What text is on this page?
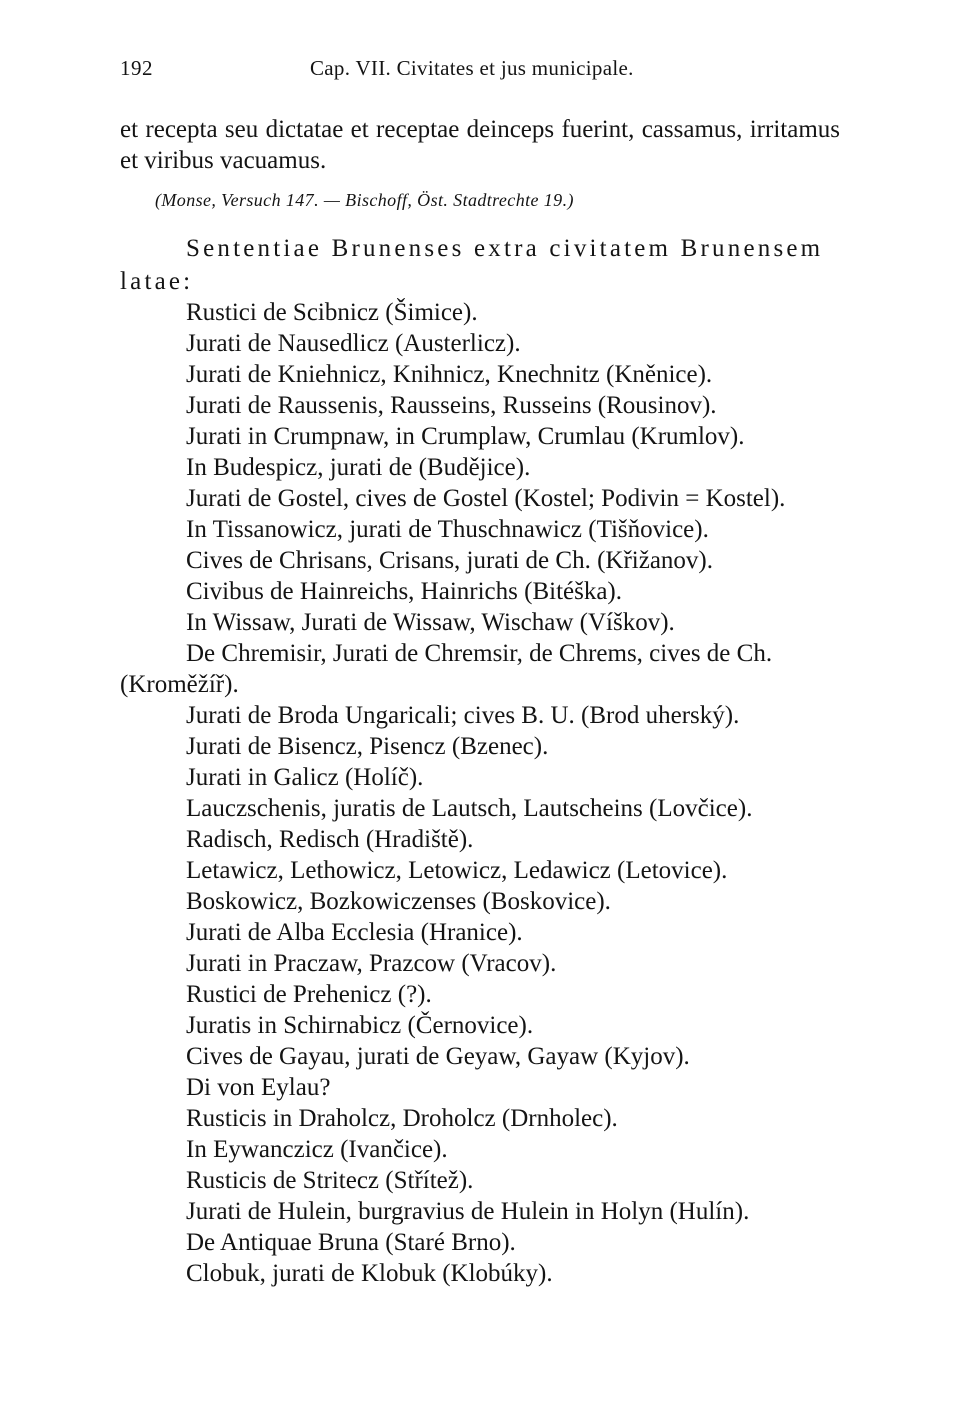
192	Cap. VII. Civitates et jus municipale.

et recepta seu dictatae et receptae deinceps fuerint, cassamus, irritamus et viribus vacuamus.

(Monse, Versuch 147. — Bischoff, Öst. Stadtrechte 19.)
Sententiae Brunenses extra civitatem Brunensem latae:
Rustici de Scibnicz (Šimice).
Jurati de Nausedlicz (Austerlicz).
Jurati de Kniehnicz, Knihnicz, Knechnitz (Kněnice).
Jurati de Raussenis, Rausseins, Russeins (Rousinov).
Jurati in Crumpnaw, in Crumplaw, Crumlau (Krumlov).
In Budespicz, jurati de (Budějice).
Jurati de Gostel, cives de Gostel (Kostel; Podivin = Kostel).
In Tissanowicz, jurati de Thuschnawicz (Tišňovice).
Cives de Chrisans, Crisans, jurati de Ch. (Křižanov).
Civibus de Hainreichs, Hainrichs (Bitéška).
In Wissaw, Jurati de Wissaw, Wischaw (Víškov).
De Chremisir, Jurati de Chremsir, de Chrems, cives de Ch.
(Kroměžíř).
Jurati de Broda Ungaricali; cives B. U. (Brod uherský).
Jurati de Bisencz, Pisencz (Bzenec).
Jurati in Galicz (Holíč).
Lauczschenis, juratis de Lautsch, Lautscheins (Lovčice).
Radisch, Redisch (Hradiště).
Letawicz, Lethowicz, Letowicz, Ledawicz (Letovice).
Boskowicz, Bozkowiczenses (Boskovice).
Jurati de Alba Ecclesia (Hranice).
Jurati in Praczaw, Prazcow (Vracov).
Rustici de Prehenicz (?).
Juratis in Schirnabicz (Černovice).
Cives de Gayau, jurati de Geyaw, Gayaw (Kyjov).
Di von Eylau?
Rusticis in Draholcz, Droholcz (Drnholec).
In Eywanczicz (Ivančice).
Rusticis de Stritecz (Střítež).
Jurati de Hulein, burgravius de Hulein in Holyn (Hulín).
De Antiquae Bruna (Staré Brno).
Clobuk, jurati de Klobuk (Klobúky).
